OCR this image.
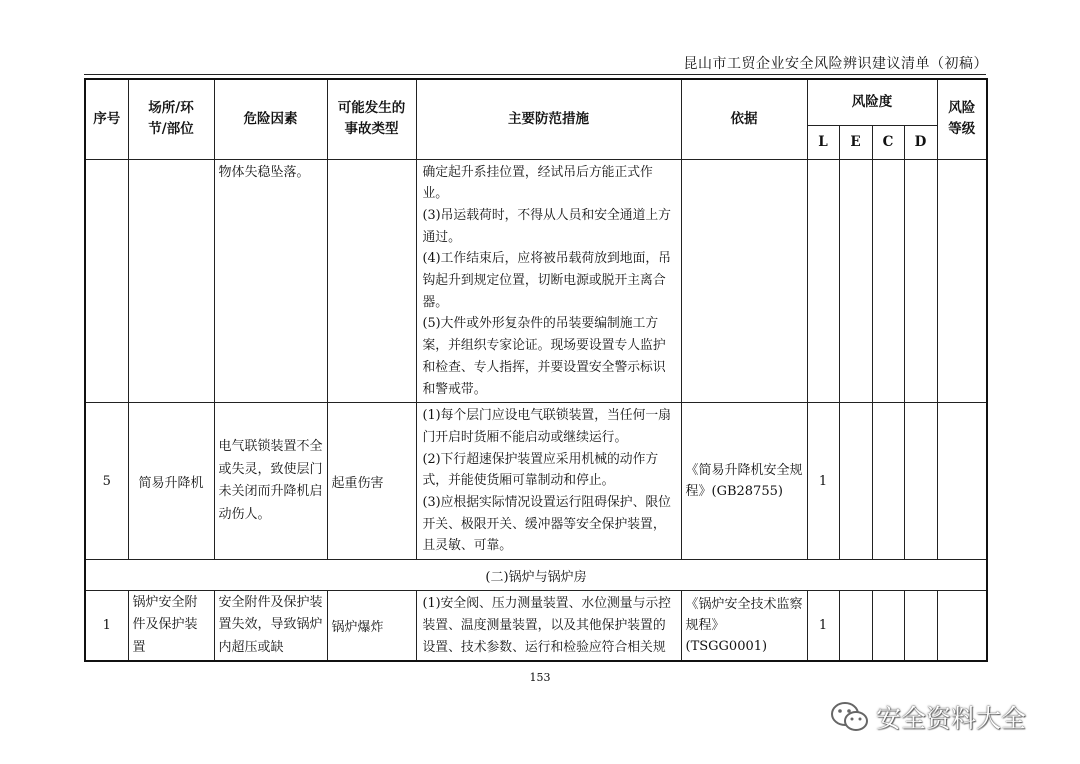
昆山市工贸企业安全风险辨识建议清单（初稿）
序号	场所/环节/部位	危险因素	可能发生的事故类型	主要防范措施	依据	风险度				风险等级
						L	E	C	D	
		物体失稳坠落。		确定起升系挂位置，经试吊后方能正式作业。

(3)吊运载荷时，不得从人员和安全通道上方通过。

(4)工作结束后，应将被吊载荷放到地面，吊钩起升到规定位置，切断电源或脱开主离合器。

(5)大件或外形复杂件的吊装要编制施工方案，并组织专家论证。现场要设置专人监护和检查、专人指挥，并要设置安全警示标识和警戒带。						

5	简易升降机	电气联锁装置不全或失灵，致使层门未关闭而升降机启动伤人。	起重伤害	(1)每个层门应设电气联锁装置，当任何一扇门开启时货厢不能启动或继续运行。

(2)下行超速保护装置应采用机械的动作方式，并能使货厢可靠制动和停止。

(3)应根据实际情况设置运行阻碍保护、限位开关、极限开关、缓冲器等安全保护装置，且灵敏、可靠。	《简易升降机安全规程》(GB28755)	1				
(二)锅炉与锅炉房										
1	锅炉安全附件及保护装置	安全附件及保护装置失效，导致锅炉内超压或缺	锅炉爆炸	(1)安全阀、压力测量装置、水位测量与示控装置、温度测量装置，以及其他保护装置的设置、技术参数、运行和检验应符合相关规	《锅炉安全技术监察规程》(TSGG0001)	1				
153
安全资料大全
